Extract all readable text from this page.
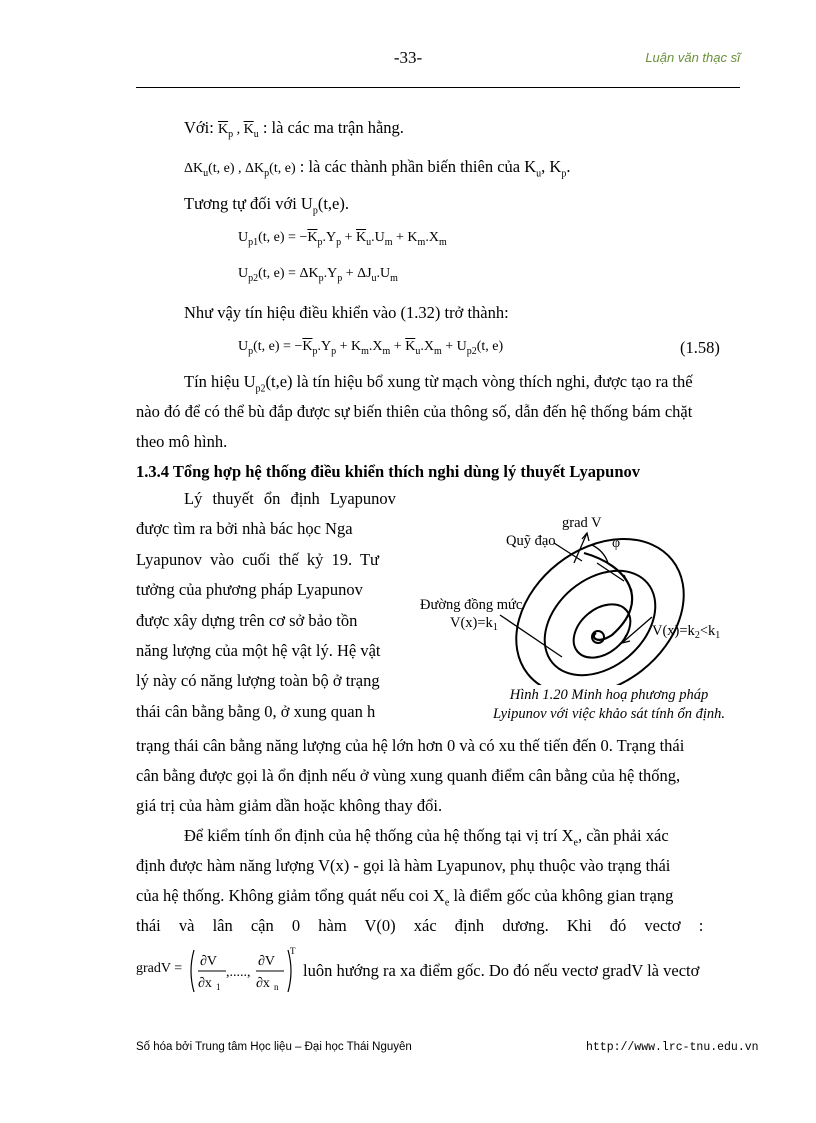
-33-	Luận văn thạc sĩ
Với: $\overline{K}_p$ , $\overline{K}_u$ : là các ma trận hằng.
$\Delta K_u(t$, e) , $\Delta K_p(t$, e) : là các thành phần biến thiên của $K_u$, $K_p$.
Tương tự đối với $U_p(t,e)$.
$U_{p1}(t$, $e) = -\overline{K}_p.Y_p + \overline{K}_u.U_m + K_m.X_m$
$U_{p2}(t$, $e) = \Delta K_p.Y_p + \Delta J_u.U_m$
Như vậy tín hiệu điều khiển vào (1.32) trở thành:
$U_p(t$, $e) = -\overline{K}_p.Y_p + K_m.X_m + \overline{K}_u.X_m + U_{p2}(t$, e)	(1.58)
Tín hiệu $U_{p2}(t,e)$ là tín hiệu bổ xung từ mạch vòng thích nghi, được tạo ra thế
nào đó để có thể bù đắp được sự biến thiên của thông số, dẫn đến hệ thống bám chặt
theo mô hình.
1.3.4 Tổng hợp hệ thống điều khiển thích nghi dùng lý thuyết Lyapunov
Lý thuyết ổn định Lyapunov
được tìm ra bởi nhà bác học Nga
Lyapunov vào cuối thế kỷ 19. Tư
tưởng của phương pháp Lyapunov
được xây dựng trên cơ sở bảo tồn
năng lượng của một hệ vật lý. Hệ vật
lý này có năng lượng toàn bộ ở trạng
thái cân bằng bằng 0, ở xung quan h
grad V
Quỹ đạo	φ
Đường đồng mức
$V(x)=k_1$	$V(x)=k_2<k_1$
Hình 1.20 Minh hoạ phương pháp
Lyipunov với việc khảo sát tính ổn định.
trạng thái cân bằng năng lượng của hệ lớn hơn 0 và có xu thế tiến đến 0. Trạng thái
cân bằng được gọi là ổn định nếu ở vùng xung quanh điểm cân bằng của hệ thống,
giá trị của hàm giảm dần hoặc không thay đổi.
Để kiểm tính ổn định của hệ thống của hệ thống tại vị trí $X_e$, cần phải xác
định được hàm năng lượng V(x) - gọi là hàm Lyapunov, phụ thuộc vào trạng thái
của hệ thống. Không giảm tổng quát nếu coi $X_e$ là điểm gốc của không gian trạng
thái và lân cận 0 hàm V(0) xác định dương. Khi đó vectơ :
gradV = ∂V
∂x 1
,.....,
∂V
∂x n
T
luôn hướng ra xa điểm gốc. Do đó nếu vectơ gradV là vectơ
Số hóa bởi Trung tâm Học liệu – Đại học Thái Nguyên	http://www.lrc-tnu.edu.vn
